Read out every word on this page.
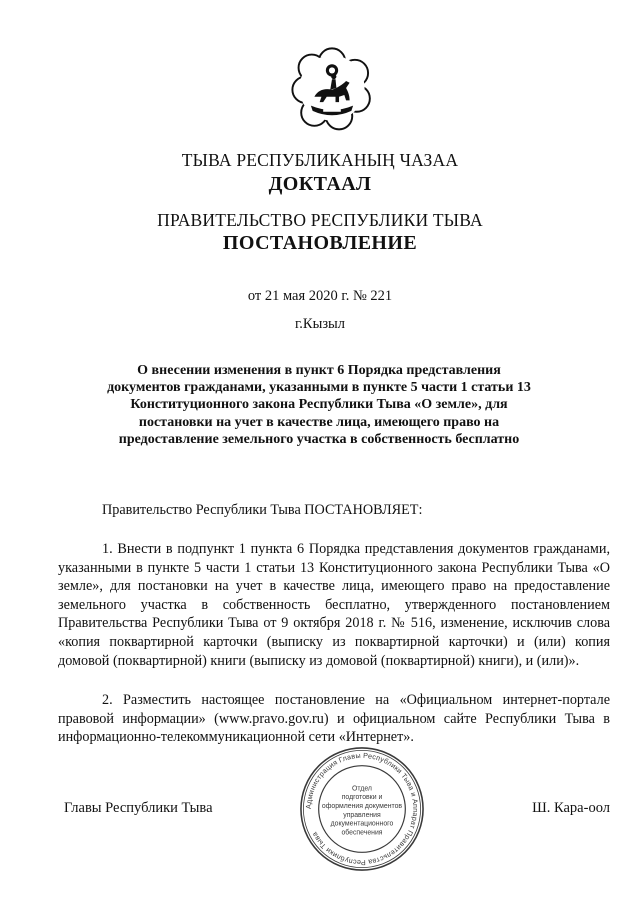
ТЫВА РЕСПУБЛИКАНЫҢ ЧАЗАА
ДОКТААЛ
ПРАВИТЕЛЬСТВО РЕСПУБЛИКИ ТЫВА
ПОСТАНОВЛЕНИЕ
от 21 мая 2020 г. № 221
г.Кызыл
О внесении изменения в пункт 6 Порядка представления документов гражданами, указанными в пункте 5 части 1 статьи 13 Конституционного закона Республики Тыва «О земле», для постановки на учет в качестве лица, имеющего право на предоставление земельного участка в собственность бесплатно
Правительство Республики Тыва ПОСТАНОВЛЯЕТ:
1. Внести в подпункт 1 пункта 6 Порядка представления документов гражданами, указанными в пункте 5 части 1 статьи 13 Конституционного закона Республики Тыва «О земле», для постановки на учет в качестве лица, имеющего право на предоставление земельного участка в собственность бесплатно, утвержденного постановлением Правительства Республики Тыва от 9 октября 2018 г. № 516, изменение, исключив слова «копия поквартирной карточки (выписку из поквартирной карточки) и (или) копия домовой (поквартирной) книги (выписку из домовой (поквартирной) книги), и (или)».
2. Разместить настоящее постановление на «Официальном интернет-портале правовой информации» (www.pravo.gov.ru) и официальном сайте Республики Тыва в информационно-телекоммуникационной сети «Интернет».
Главы Республики Тыва	Ш. Кара-оол
Администрация Главы Республики Тыва и Аппарат Правительства Республики Тыва
Отдел
подготовки и
оформления документов
управления
документационного
обеспечения
